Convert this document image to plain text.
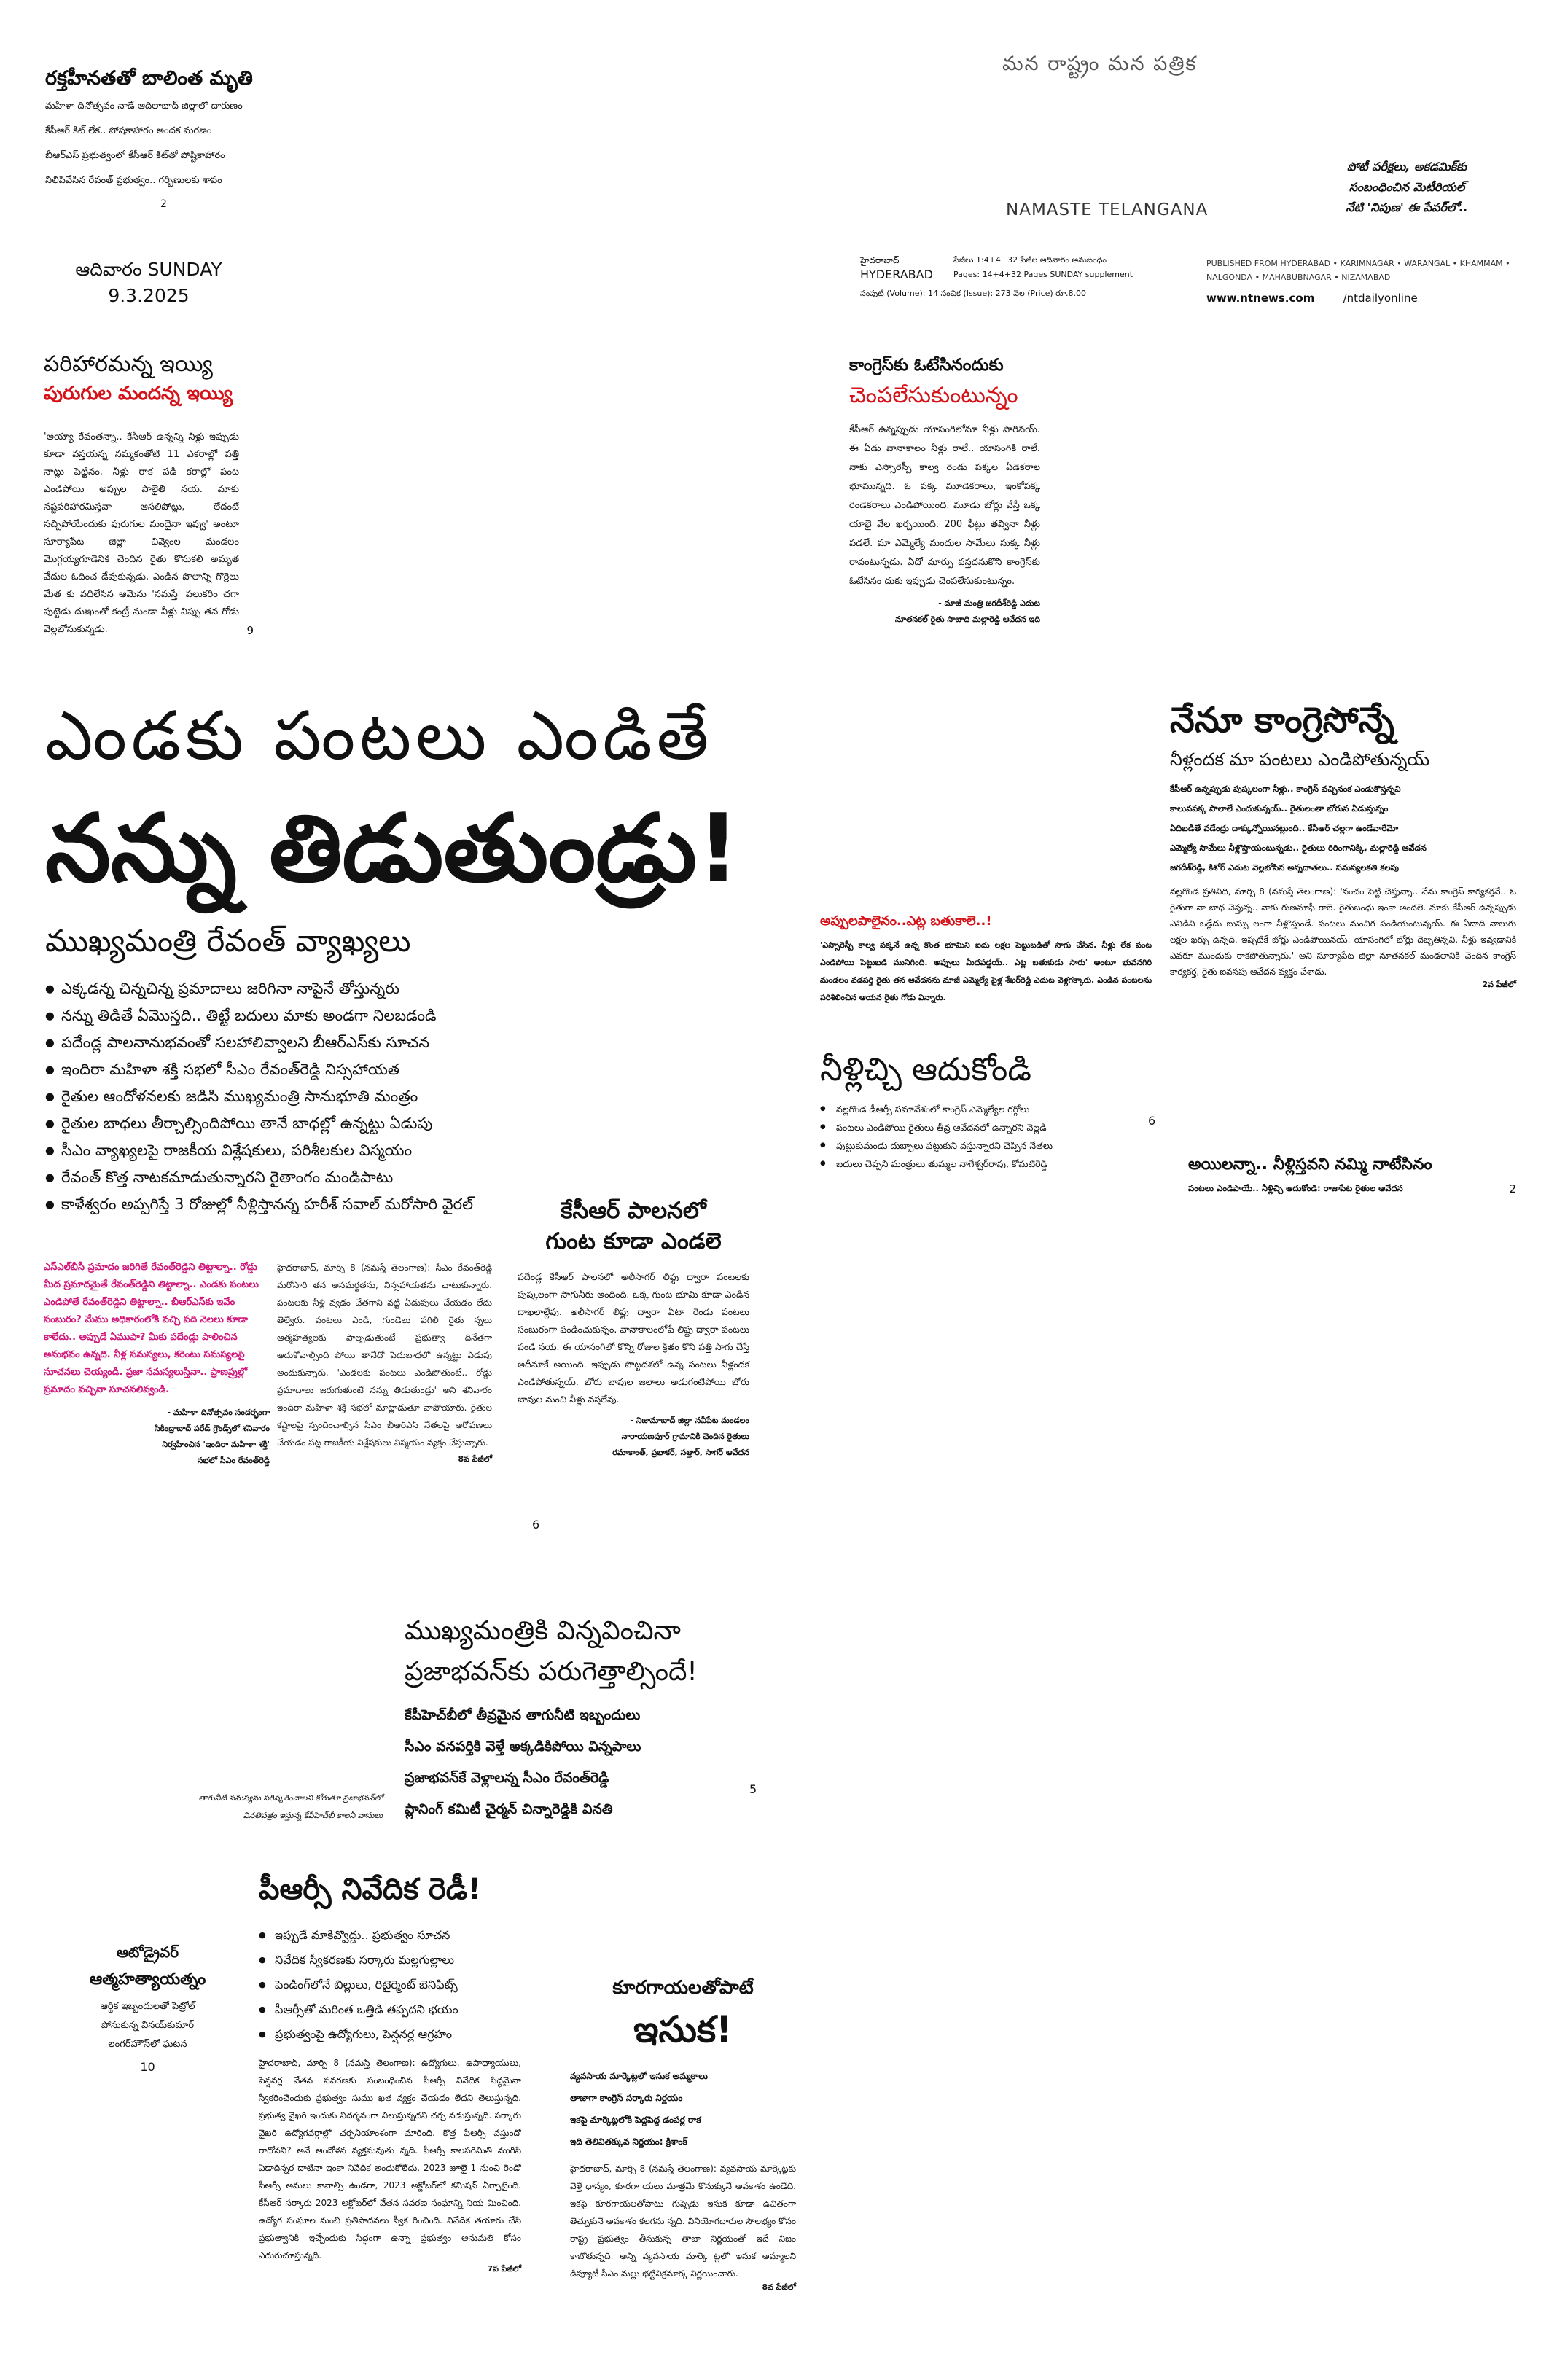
రక్తహీనతతో బాలింత మృతి
మహిళా దినోత్సవం నాడే ఆదిలాబాద్ జిల్లాలో దారుణం
కేసీఆర్ కిట్ లేక.. పోషకాహారం అందక మరణం
బీఆర్‌ఎస్ ప్రభుత్వంలో కేసీఆర్ కిట్‌తో పోష్టికాహారం
నిలిపివేసిన రేవంత్ ప్రభుత్వం.. గర్భిణులకు శాపం
2
ఆదివారం SUNDAY
9.3.2025
మన రాష్ట్రం మన పత్రిక
NAMASTE TELANGANA
పోటీ పరీక్షలు, అకడమిక్‌కు
సంబంధించిన మెటీరియల్
నేటి 'నిపుణ' ఈ పేపర్‌లో..
హైదరాబాద్
HYDERABAD
పేజీలు 1:4+4+32 పేజీల ఆదివారం అనుబంధం
Pages: 14+4+32 Pages SUNDAY supplement
సంపుటి (Volume): 14 సంచిక (Issue): 273 వెల (Price) రూ.8.00
PUBLISHED FROM HYDERABAD • KARIMNAGAR • WARANGAL • KHAMMAM • NALGONDA • MAHABUBNAGAR • NIZAMABAD
www.ntnews.com	/ntdailyonline
పరిహారమన్న ఇయ్యి
పురుగుల మందన్న ఇయ్యి
'అయ్యా రేవంతన్నా.. కేసీఆర్ ఉన్నన్ని నీళ్లు ఇప్పుడు కూడా వస్తయన్న నమ్మకంతోటి 11 ఎకరాల్లో పత్తి నాట్లు పెట్టినం. నీళ్లు రాక పడి కరాల్లో పంట ఎండిపోయి అప్పుల పాలైతి నయ. మాకు నష్టపరిహారమిస్తవా ఆసలిపోట్లు, లేదంటే సచ్చిపోయేందుకు పురుగుల మందైనా ఇవ్వు' అంటూ సూర్యాపేట జిల్లా చివ్వెంల మండలం మొగ్గయ్యగూడెనికి చెందిన రైతు కొనుకలి అమృత వేదుల ఓదించ డేవుకున్నడు. ఎండిన పొలాన్ని గొర్రెలు మేత కు వదిలేసిన ఆమెను 'నమస్తే' పలుకరిం చగా పుట్టెడు దుఃఖంతో కంట్రీ నుండా నీళ్లు నిప్పు తన గోడు వెల్లబోసుకున్నడు.	9
కాంగ్రెస్‌కు ఓటేసినందుకు
చెంపలేసుకుంటున్నం
కేసీఆర్ ఉన్నప్పుడు యాసంగిలోనూ నీళ్లు పారినయ్. ఈ ఏడు వానాకాలం నీళ్లు రాలే.. యాసంగికి రాలే. నాకు ఎస్సారెస్పీ కాల్వ రెండు పక్కల ఏడెకరాల భూమున్నది. ఓ పక్క మూడెకరాలు, ఇంకోపక్క రెండెకరాలు ఎండిపోయింది. మూడు బోర్లు వేస్తే ఒక్క యాభై వేల ఖర్చయింది. 200 ఫీట్లు తవ్వినా నీళ్లు పడలే. మా ఎమ్మెల్యే మందుల సామేలు సుక్క నీళ్లు రావంటున్నడు. ఏదో మార్పు వస్తదనుకొని కాంగ్రెస్‌కు ఓటేసినం దుకు ఇప్పుడు చెంపలేసుకుంటున్నం.
- మాజీ మంత్రి జగదీశ్‌రెడ్డి ఎదుట
నూతనకల్ రైతు సాబాది మల్లారెడ్డి ఆవేదన ఇది
ఎండకు పంటలు ఎండితే
నన్ను తిడుతుండ్రు!
ముఖ్యమంత్రి రేవంత్ వ్యాఖ్యలు
● ఎక్కడన్న చిన్నచిన్న ప్రమాదాలు జరిగినా నాపైనే తోస్తున్నరు
● నన్ను తిడితే ఏమొస్తది.. తిట్టే బదులు మాకు అండగా నిలబడండి
● పదేండ్ల పాలనానుభవంతో సలహాలివ్వాలని బీఆర్ఎస్‌కు సూచన
● ఇందిరా మహిళా శక్తి సభలో సీఎం రేవంత్‌రెడ్డి నిస్సహాయత
● రైతుల ఆందోళనలకు జడిసి ముఖ్యమంత్రి సానుభూతి మంత్రం
● రైతుల బాధలు తీర్చాల్సిందిపోయి తానే బాధల్లో ఉన్నట్టు ఏడుపు
● సీఎం వ్యాఖ్యలపై రాజకీయ విశ్లేషకులు, పరిశీలకుల విస్మయం
● రేవంత్ కొత్త నాటకమాడుతున్నారని రైతాంగం మండిపాటు
● కాళేశ్వరం అప్పగిస్తే 3 రోజుల్లో నీళ్లిస్తానన్న హరీశ్ సవాల్ మరోసారి వైరల్
ఎస్ఎల్‌బీసీ ప్రమాదం జరిగితే రేవంత్‌రెడ్డిని తిట్టాల్నా.. రోడ్డు మీద ప్రమాదమైతే రేవంత్‌రెడ్డిని తిట్టాల్నా.. ఎండకు పంటలు ఎండిపోతే రేవంత్‌రెడ్డిని తిట్టాల్నా.. బీఆర్ఎస్‌కు ఇవేం సంబురం? మేము అధికారంలోకి వచ్చి పది నెలలు కూడా కాలేదు.. అప్పుడే ఏముపా? మీకు పదేండ్లు పాలించిన అనుభవం ఉన్నది. నీళ్ల సమస్యలు, కరెంటు సమస్యలపై సూచనలు చెయ్యండి. ప్రజా సమస్యలుస్తినా.. ప్రాణప్రుల్లో ప్రమాదం వచ్చినా సూచనలివ్వండి.
- మహిళా దినోత్సవం సందర్భంగా
సికింద్రాబాద్ పరేడ్ గ్రౌండ్స్‌లో శనివారం
నిర్వహించిన 'ఇందిరా మహిళా శక్తి'
సభలో సీఎం రేవంత్‌రెడ్డి
హైదరాబాద్, మార్చి 8 (నమస్తే తెలంగాణ): సీఎం రేవంత్‌రెడ్డి మరోసారి తన అసమర్థతను, నిస్సహాయతను చాటుకున్నారు. పంటలకు నీళ్లి వ్వడం చేతగాని వట్టి ఏడుపులు చేయడం లేదు తెల్వేరు. పంటలు ఎండి, గుండెలు పగిలి రైతు న్నలు ఆత్మహత్యలకు పాల్పడుతుంటే ప్రభుత్వా దినేతగా ఆదుకోవాల్సింది పోయి తానేదో పెదుబాధలో ఉన్నట్టు ఏడుపు అందుకున్నారు. 'ఎండలకు పంటలు ఎండిపోతుంటే.. రోడ్డు ప్రమాదాలు జరుగుతుంటే నన్ను తిడుతుండ్రు' అని శనివారం ఇందిరా మహిళా శక్తి సభలో మాట్లాడుతూ వాపోయారు. రైతుల కష్టాలపై స్పందించాల్సిన సీఎం బీఆర్ఎస్ నేతలపై ఆరోపణలు చేయడం పట్ల రాజకీయ విశ్లేషకులు విస్మయం వ్యక్తం చేస్తున్నారు.
8వ పేజీలో
కేసీఆర్ పాలనలో
గుంట కూడా ఎండలె
పదేండ్ల కేసీఆర్ పాలనలో అలీసాగర్ లిఫ్టు ద్వారా పంటలకు పుష్కలంగా సాగునీరు అందింది. ఒక్క గుంట భూమి కూడా ఎండిన దాఖలాల్లేవు. అలీసాగర్ లిఫ్టు ద్వారా ఏటా రెండు పంటలు సంబురంగా పండించుకున్నం. వానాకాలంలోపే లిఫ్టు ద్వారా పంటలు పండి నయ. ఈ యాసంగిలో కొన్ని రోజుల క్రితం కొని పత్తి సాగు చేస్తే అదీనూకే అయింది. ఇప్పుడు పొట్టదశలో ఉన్న పంటలు నీళ్లందక ఎండిపోతున్నయ్. బోరు బావుల జలాలు అడుగంటిపోయి బోరు బావుల నుంచి నీళ్లు వస్తలేవు.
- నిజామాబాద్ జిల్లా నవీపేట మండలం
నారాయణపూర్ గ్రామానికి చెందిన రైతులు
రమాకాంత్, ప్రభాకర్, సత్తార్, సాగర్ ఆవేదన
6
అప్పులపాలైనం..ఎట్ల బతుకాలె..!
'ఎస్సారెస్పీ కాల్వ పక్కనే ఉన్న కొంత భూమిని ఐదు లక్షల పెట్టుబడితో సాగు చేసిన. నీళ్లు లేక పంట ఎండిపోయి పెట్టుబడి మునిగింది. అప్పులు మీదపడ్డయ్.. ఎట్ల బతుకుడు సారు' అంటూ భువనగిరి మండలం వడపర్తి రైతు తన ఆవేదనను మాజీ ఎమ్మెల్యే పైళ్ల శేఖర్‌రెడ్డి ఎదుట వెళ్లగక్కారు. ఎండిన పంటలను పరిశీలించిన ఆయన రైతు గోడు విన్నారు.
నీళ్లిచ్చి ఆదుకోండి
● నల్లగొండ డీఆర్సీ సమావేశంలో కాంగ్రెస్ ఎమ్మెల్యేల గగ్గోలు
● పంటలు ఎండిపోయి రైతులు తీవ్ర ఆవేదనలో ఉన్నారని వెల్లడి
● పుట్టుకుమండు దుబ్బాలు పట్టుకుని వస్తున్నారని చెప్పిన నేతలు
● బదులు చెప్పని మంత్రులు తుమ్మల నాగేశ్వర్‌రావు, కోమటిరెడ్డి
6
నేనూ కాంగ్రెసోన్నే
నీళ్లందక మా పంటలు ఎండిపోతున్నయ్
కేసీఆర్ ఉన్నప్పుడు పుష్కలంగా నీళ్లు.. కాంగ్రెస్ వచ్చినంక ఎండుకొస్తన్నవి
కాలువపక్క పొలాలే ఎందుకున్నయ్.. రైతులంతా బోరున ఏడుస్తున్నం
ఏదిబడితే వడేంద్రు దాక్కున్నోయినట్లుంది.. కేసీఆర్ చల్లగా ఉండేవారేమో
ఎమ్మెల్యే సామేలు నీళ్లొస్తాయంటున్నడు.. రైతులు రిరింగానిక్కి, మల్లారెడ్డి ఆవేదన
జగదీశ్‌రెడ్డి, కిశోర్ ఎదుట వెల్లబోసిన అన్నదాతలు.. సమస్యలకతి కలపు
నల్లగొండ ప్రతినిధి, మార్చి 8 (నమస్తే తెలంగాణ): 'నంచం పెట్టి చెప్తున్నా.. నేను కాంగ్రెస్ కార్యకర్తనే.. ఓ రైతుగా నా బాధ చెప్తున్న.. నాకు రుణమాఫీ రాలె. రైతుబంధు ఇంకా అందలె. మాకు కేసీఆర్ ఉన్నప్పుడు ఎవిడిని ఒడ్లేదు బుస్సు లంగా నీళ్లొస్తుండే. పంటలు మంచిగ పండియంటున్నయ్. ఈ ఏదాది నాలుగు లక్షల ఖర్చు ఉన్నది. ఇప్పటికే బోర్లు ఎండిపోయినయ్. యాసంగిలో బోర్లు దెబ్బతిన్నవి. నీళ్లు ఇవ్వడానికి ఎవరూ ముందుకు రాకపోతున్నారు.' అని సూర్యాపేట జిల్లా నూతనకల్ మండలానికి చెందిన కాంగ్రెస్ కార్యకర్త, రైతు ఐవసపు ఆవేదన వ్యక్తం చేశాడు.
2వ పేజీలో
అయిలన్నా.. నీళ్లిస్తవని నమ్మి నాటేసినం
పంటలు ఎండిపాయే.. నీళ్లిచ్చి ఆదుకోండి: రాజాపేట రైతుల ఆవేదన	2
ముఖ్యమంత్రికి విన్నవించినా
ప్రజాభవన్‌కు పరుగెత్తాల్సిందే!
కేపీహెచ్‌బీలో తీవ్రమైన తాగునీటి ఇబ్బందులు
సీఎం వనపర్తికి వెళ్తే అక్కడికిపోయి విన్నపాలు
ప్రజాభవన్‌కే వెళ్లాలన్న సీఎం రేవంత్‌రెడ్డి
ప్లానింగ్ కమిటీ చైర్మన్ చిన్నారెడ్డికి వినతి
తాగునీటి సమస్యను పరిష్కరించాలని కోరుతూ ప్రజాభవన్‌లో
వినతిపత్రం ఇస్తున్న కేపీహెచ్‌బీ కాలనీ వాసులు
5
ఆటోడ్రైవర్
ఆత్మహత్యాయత్నం
ఆర్థిక ఇబ్బందులతో పెట్రోల్
పోసుకున్న వినయ్‌కుమార్
లంగర్‌హౌస్‌లో ఘటన
10
పీఆర్సీ నివేదిక రెడీ!
● ఇప్పుడే మాకివ్వొద్దు.. ప్రభుత్వం సూచన
● నివేదిక స్వీకరణకు సర్కారు మల్లగుల్లాలు
● పెండింగ్‌లోనే బిల్లులు, రిటైర్మెంట్ బెనిఫిట్స్
● పీఆర్సీతో మరింత ఒత్తిడి తప్పదని భయం
● ప్రభుత్వంపై ఉద్యోగులు, పెన్షనర్ల ఆగ్రహం
హైదరాబాద్, మార్చి 8 (నమస్తే తెలంగాణ): ఉద్యోగులు, ఉపాధ్యాయులు, పెన్షనర్ల వేతన సవరణకు సంబంధించిన పీఆర్సీ నివేదిక సిద్ధమైనా స్వీకరించేందుకు ప్రభుత్వం సుము ఖత వ్యక్తం చేయడం లేదని తెలుస్తున్నది. ప్రభుత్వ వైఖరి ఇందుకు నిదర్శనంగా నిలుస్తున్నదని చర్చ నడుస్తున్నది. సర్కారు వైఖరి ఉద్యోగవర్గాల్లో చర్చనీయాంశంగా మారింది. కొత్త పీఆర్సీ వస్తుందో రాదోనని? అనే ఆందోళన వ్యక్తమవుతు న్నది. పీఆర్సీ కాలపరిమితి ముగిసి ఏడాదిన్నర దాటినా ఇంకా నివేదిక అందుకోలేదు. 2023 జూలై 1 నుంచి రెండో పీఆర్సీ అమలు కావాల్సి ఉండగా, 2023 అక్టోబర్‌లో కమిషన్ ఏర్పాటైంది. కేసీఆర్ సర్కారు 2023 అక్టోబర్‌లో వేతన సవరణ సంఘాన్ని నియ మించింది. ఉద్యోగ సంఘాల నుంచి ప్రతిపాదనలు స్వీక రించింది. నివేదిక తయారు చేసి ప్రభుత్వానికి ఇచ్చేందుకు సిద్ధంగా ఉన్నా ప్రభుత్వం అనుమతి కోసం ఎదురుచూస్తున్నది.
7వ పేజీలో
కూరగాయలతోపాటే
ఇసుక!
వ్యవసాయ మార్కెట్లలో ఇసుక అమ్మకాలు
తాజాగా కాంగ్రెస్ సర్కారు నిర్ణయం
ఇకపై మార్కెట్లలోకి పెద్దపెద్ద డంపర్ల రాక
ఇది తెలివితక్కువ నిర్ణయం: క్రిశాంక్
హైదరాబాద్, మార్చి 8 (నమస్తే తెలంగాణ): వ్యవసాయ మార్కెట్లకు వెళ్తే ధాన్యం, కూరగా యలు మాత్రమే కొనుక్కునే అవకాశం ఉండేది. ఇకపై కూరగాయలతోపాటు గుప్పెడు ఇసుక కూడా ఉచితంగా తెచ్చుకునే అవకాశం కలగను న్నది. వినియోగదారుల సౌలభ్యం కోసం రాష్ట్ర ప్రభుత్వం తీసుకున్న తాజా నిర్ణయంతో ఇదే నిజం కాబోతున్నది. అన్ని వ్యవసాయ మార్కె ట్లలో ఇసుక అమ్మాలని డిప్యూటీ సీఎం మల్లు భట్టివిక్రమార్క నిర్ణయించారు.
8వ పేజీలో
